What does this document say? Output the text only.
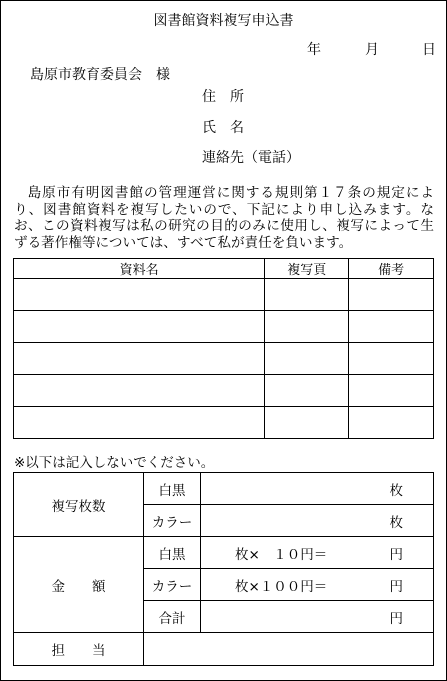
図書館資料複写申込書
年	月	日
島原市教育委員会　様
住　所
氏　名
連絡先（電話）
島原市有明図書館の管理運営に関する規則第１７条の規定により、図書館資料を複写したいので、下記により申し込みます。なお、この資料複写は私の研究の目的のみに使用し、複写によって生ずる著作権等については、すべて私が責任を負います。
資料名	複写頁	備考

※以下は記入しないでください。
複写枚数	白黒	枚
	カラー	枚
金　　額	白黒	枚×　１０円＝ 円

	カラー	枚×１００円＝ 円

	合計	円
担　　当		
